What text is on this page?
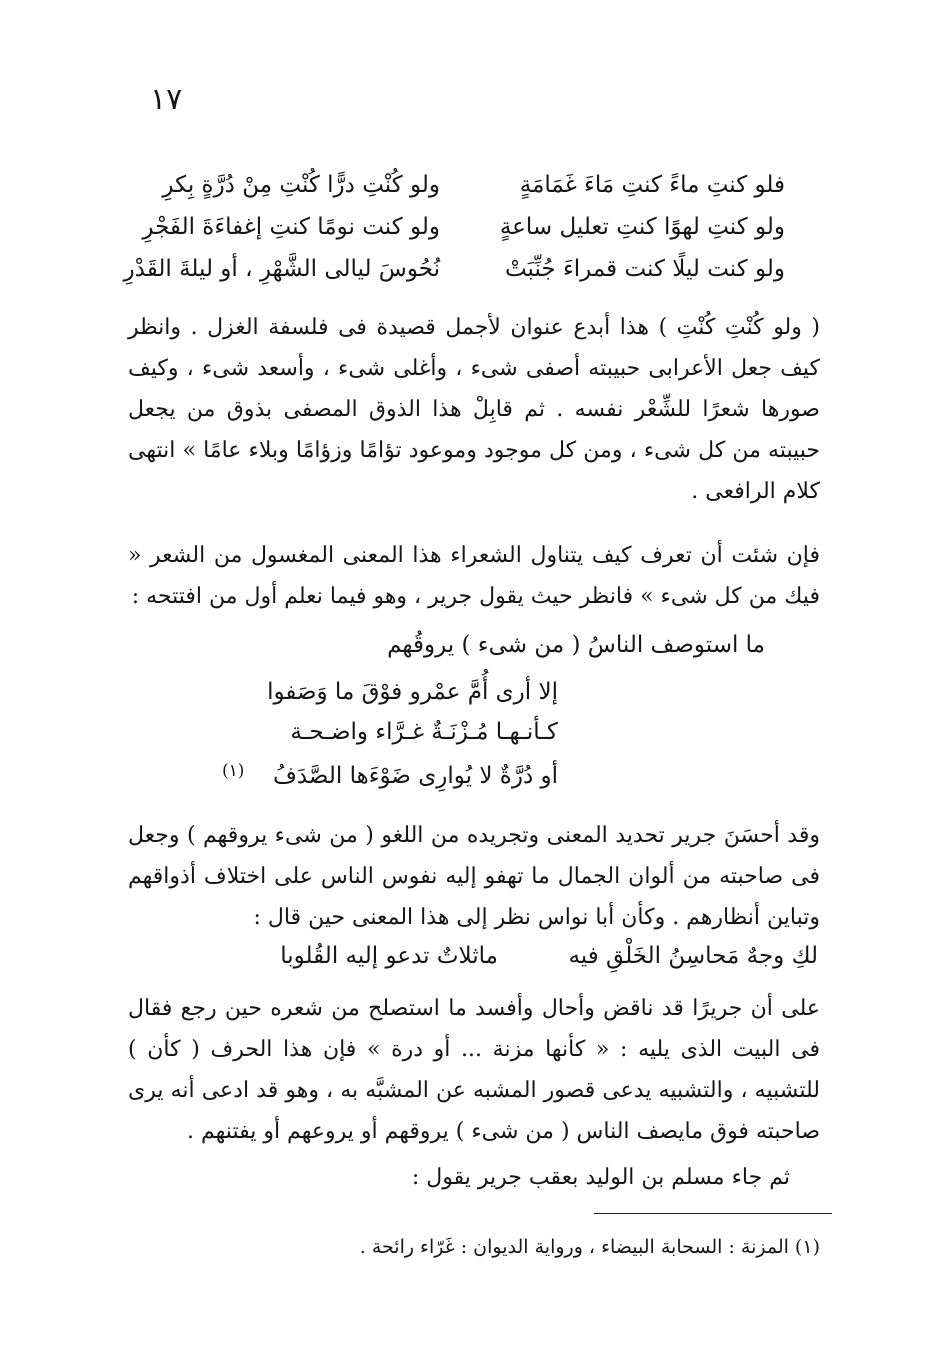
١٧
فلو كنتِ ماءً كنتِ مَاءَ غَمَامَةٍ
ولو كُنْتِ درًّا كُنْتِ مِنْ دُرَّةٍ بِكرِ
ولو كنتِ لهوًا كنتِ تعليل ساعةٍ
ولو كنت نومًا كنتِ إغفاءَةَ الفَجْرِ
ولو كنت ليلًا كنت قمراءَ جُنِّبَتْ
نُحُوسَ ليالى الشَّهْرِ ، أو ليلةَ القَدْرِ
( ولو كُنْتِ كُنْتِ ) هذا أبدع عنوان لأجمل قصيدة فى فلسفة الغزل . وانظر كيف جعل الأعرابى حبيبته أصفى شىء ، وأغلى شىء ، وأسعد شىء ، وكيف صورها شعرًا للشِّعْر نفسه . ثم قابِلْ هذا الذوق المصفى بذوق من يجعل حبيبته من كل شىء ، ومن كل موجود وموعود تؤامًا وزؤامًا وبلاء عامًا » انتهى كلام الرافعى .
فإن شئت أن تعرف كيف يتناول الشعراء هذا المعنى المغسول من الشعر « فيك من كل شىء » فانظر حيث يقول جرير ، وهو فيما نعلم أول من افتتحه :
ما استوصف الناسُ ( من شىء ) يروقُهم
إلا أرى أُمَّ عمْرو فوْقَ ما وَصَفوا
كـأنـهـا مُـزْنَـةٌ غـرَّاء واضـحـة
أو دُرَّةٌ لا يُوارِى ضَوْءَها الصَّدَفُ
(١)
وقد أحسَنَ جرير تحديد المعنى وتجريده من اللغو ( من شىء يروقهم ) وجعل فى صاحبته من ألوان الجمال ما تهفو إليه نفوس الناس على اختلاف أذواقهم وتباين أنظارهم . وكأن أبا نواس نظر إلى هذا المعنى حين قال :
لكِ وجهٌ مَحاسِنُ الخَلْقِ فيه
ماثلاتٌ تدعو إليه القُلوبا
على أن جريرًا قد ناقض وأحال وأفسد ما استصلح من شعره حين رجع فقال فى البيت الذى يليه : « كأنها مزنة ... أو درة » فإن هذا الحرف ( كأن ) للتشبيه ، والتشبيه يدعى قصور المشبه عن المشبَّه به ، وهو قد ادعى أنه يرى صاحبته فوق مايصف الناس ( من شىء ) يروقهم أو يروعهم أو يفتنهم .
ثم جاء مسلم بن الوليد بعقب جرير يقول :
(١) المزنة : السحابة البيضاء ، ورواية الديوان : غَرّاء رائحة .
